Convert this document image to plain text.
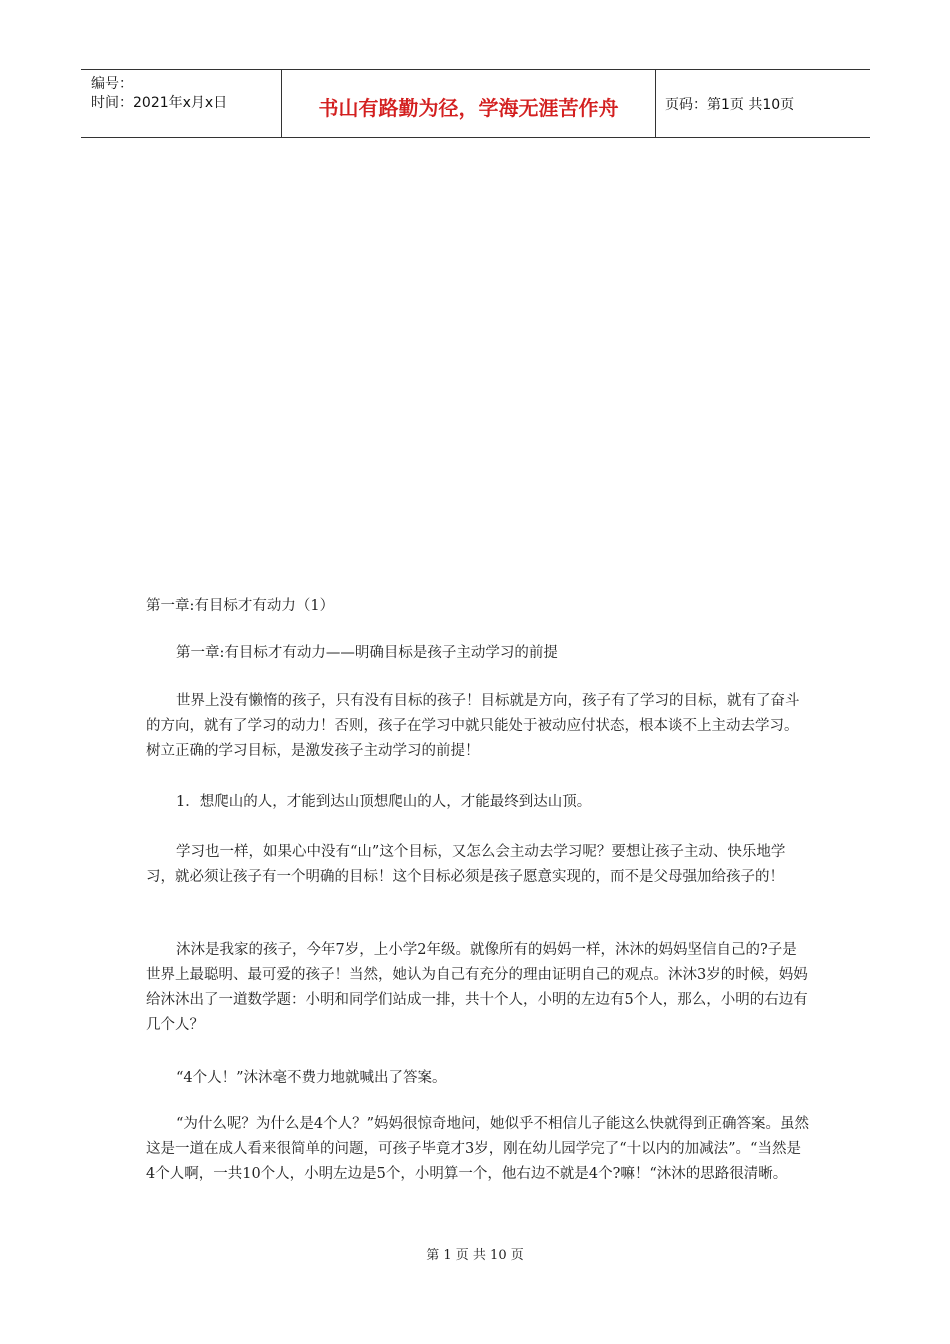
编号：
时间：2021年x月x日	书山有路勤为径，学海无涯苦作舟	页码：第1页 共10页
第一章:有目标才有动力（1）
第一章:有目标才有动力——明确目标是孩子主动学习的前提
世界上没有懒惰的孩子，只有没有目标的孩子！目标就是方向，孩子有了学习的目标，就有了奋斗的方向，就有了学习的动力！否则，孩子在学习中就只能处于被动应付状态，根本谈不上主动去学习。树立正确的学习目标，是激发孩子主动学习的前提！
1．想爬山的人，才能到达山顶想爬山的人，才能最终到达山顶。
学习也一样，如果心中没有“山”这个目标，又怎么会主动去学习呢？要想让孩子主动、快乐地学习，就必须让孩子有一个明确的目标！这个目标必须是孩子愿意实现的，而不是父母强加给孩子的！
沐沐是我家的孩子，今年7岁，上小学2年级。就像所有的妈妈一样，沐沐的妈妈坚信自己的?子是世界上最聪明、最可爱的孩子！当然，她认为自己有充分的理由证明自己的观点。沐沐3岁的时候，妈妈给沐沐出了一道数学题：小明和同学们站成一排，共十个人，小明的左边有5个人，那么，小明的右边有几个人？
“4个人！”沐沐毫不费力地就喊出了答案。
“为什么呢？为什么是4个人？”妈妈很惊奇地问，她似乎不相信儿子能这么快就得到正确答案。虽然这是一道在成人看来很简单的问题，可孩子毕竟才3岁，刚在幼儿园学完了“十以内的加减法”。“当然是4个人啊，一共10个人，小明左边是5个，小明算一个，他右边不就是4个?嘛！“沐沐的思路很清晰。
第 1 页 共 10 页
